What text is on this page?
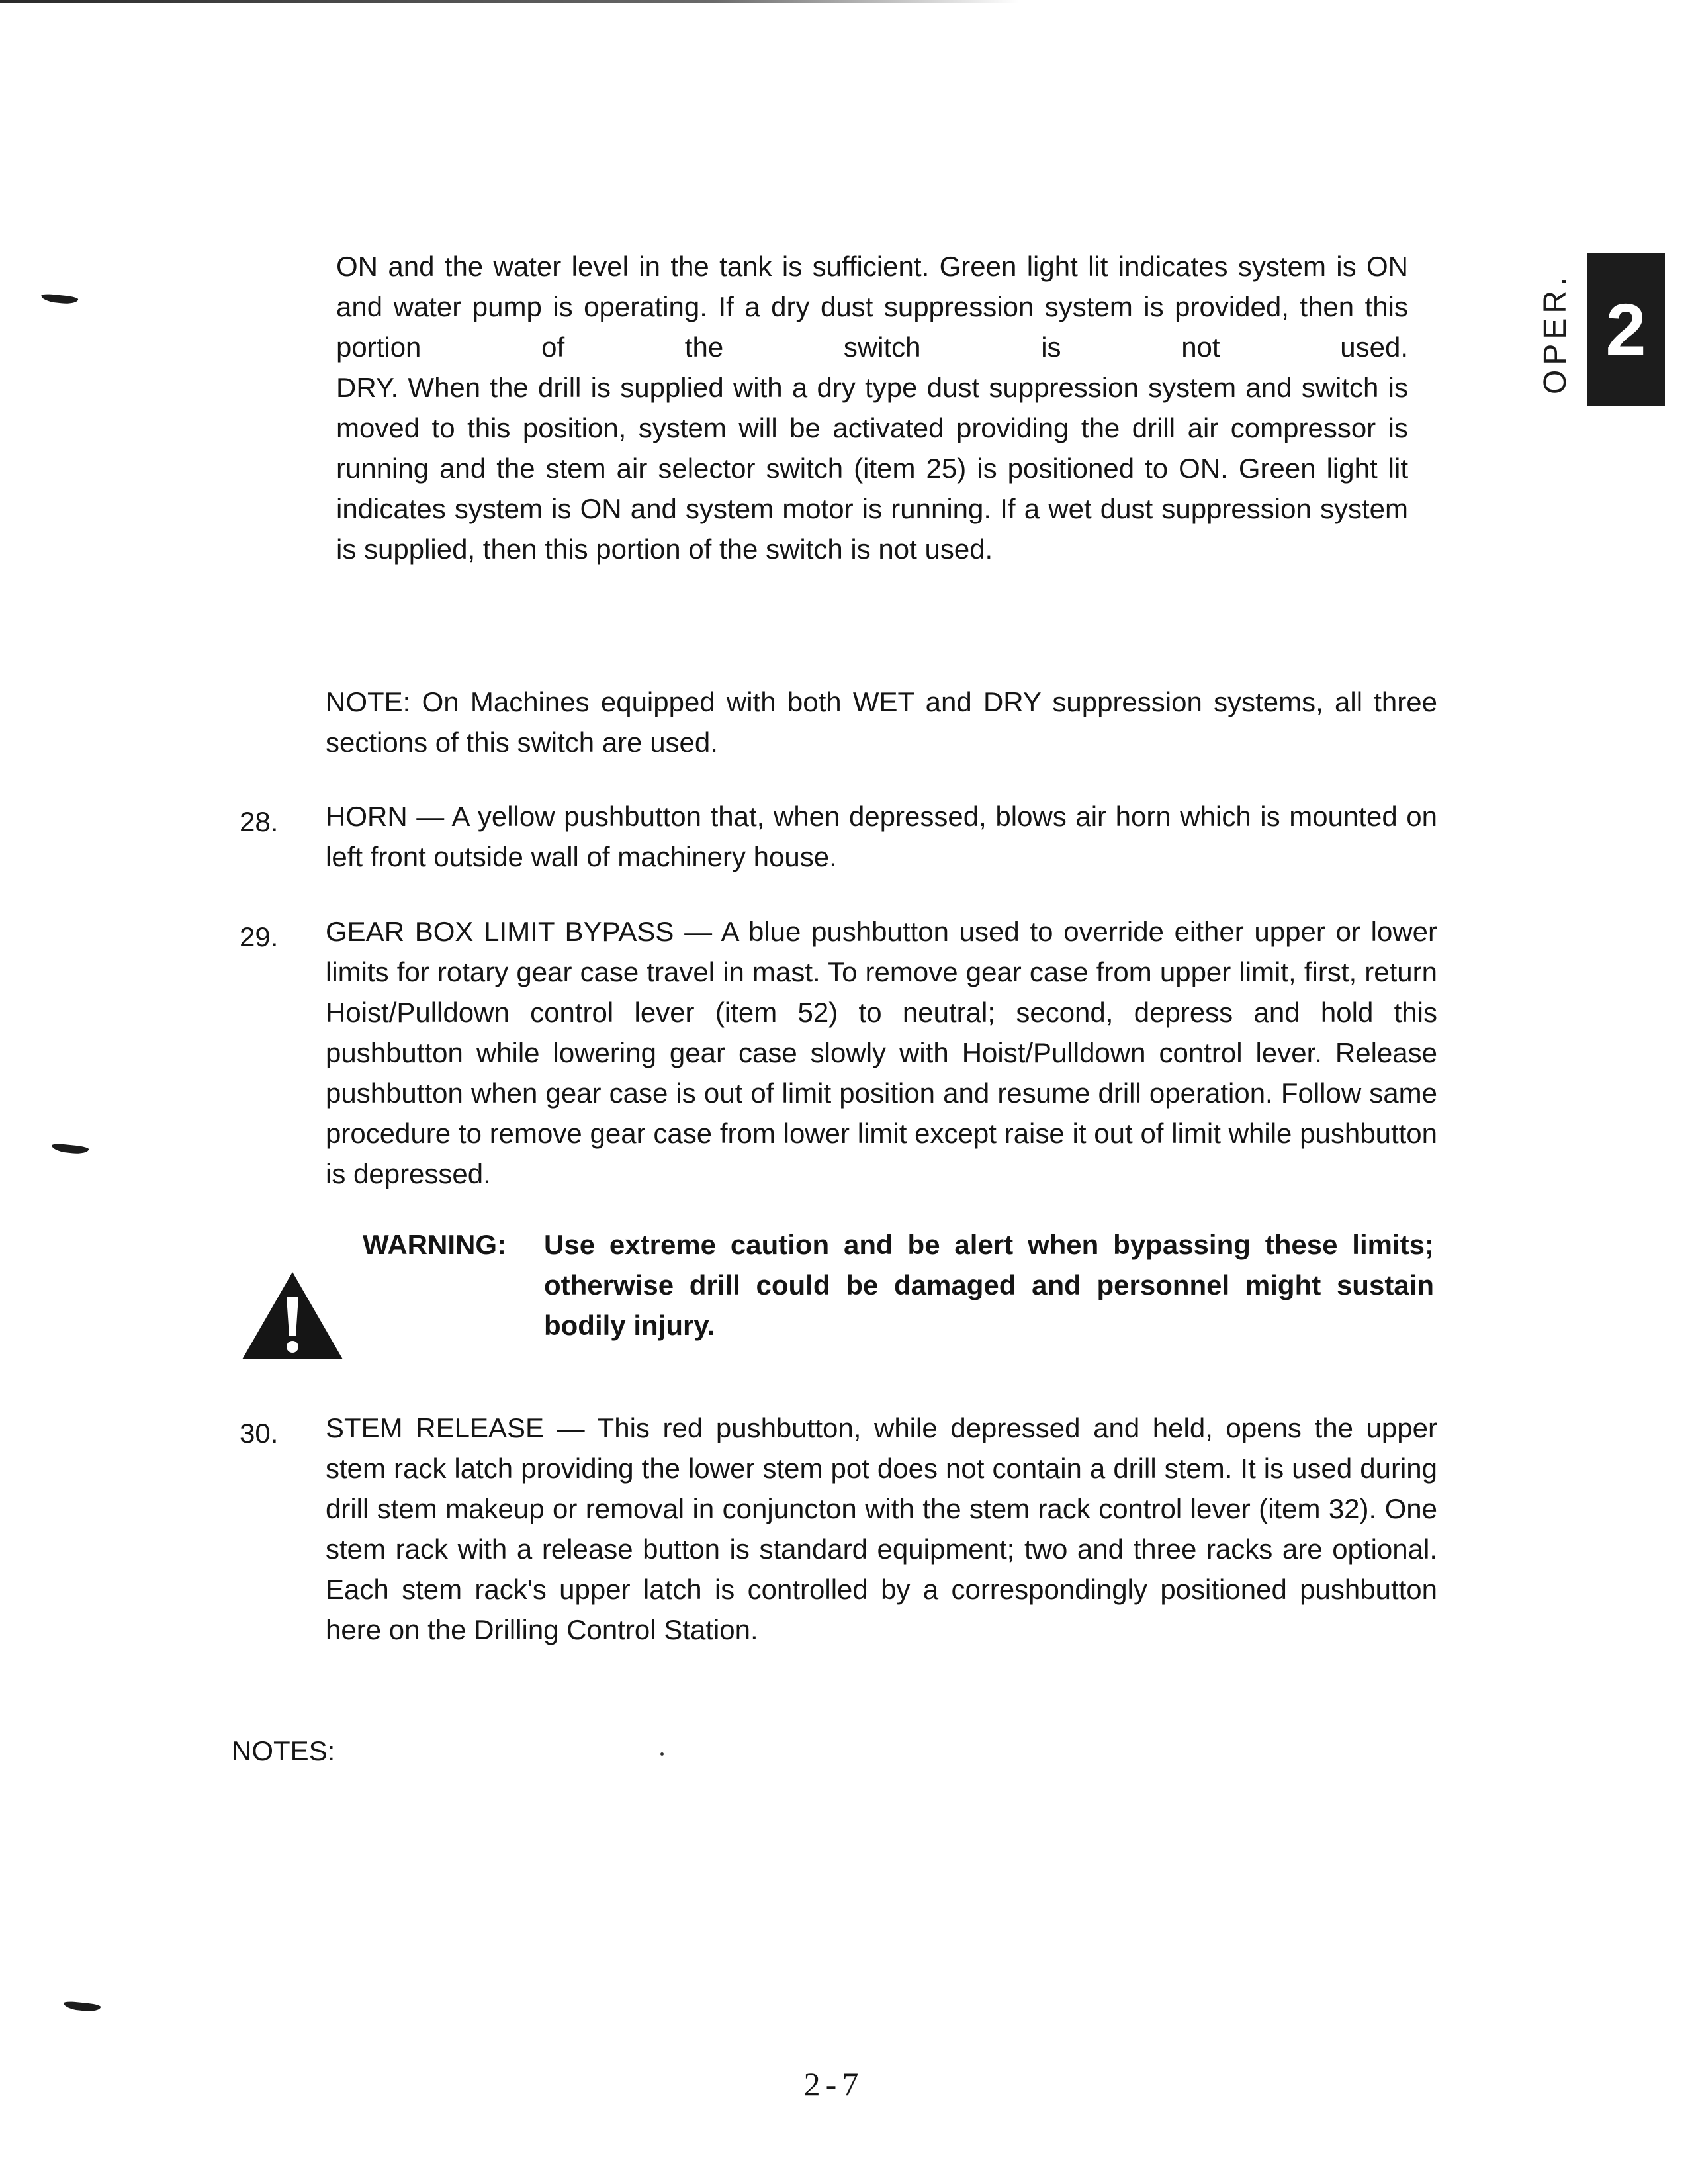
2
OPER.

ON and the water level in the tank is sufficient. Green light lit indicates system is ON and water pump is operating. If a dry dust suppression system is provided, then this portion of the switch is not used.

DRY. When the drill is supplied with a dry type dust suppression system and switch is moved to this position, system will be activated providing the drill air compressor is running and the stem air selector switch (item 25) is positioned to ON. Green light lit indicates system is ON and system motor is running. If a wet dust suppression system is supplied, then this portion of the switch is not used.

NOTE: On Machines equipped with both WET and DRY suppression systems, all three sections of this switch are used.

28. HORN — A yellow pushbutton that, when depressed, blows air horn which is mounted on left front outside wall of machinery house.

29. GEAR BOX LIMIT BYPASS — A blue pushbutton used to override either upper or lower limits for rotary gear case travel in mast. To remove gear case from upper limit, first, return Hoist/Pulldown control lever (item 52) to neutral; second, depress and hold this pushbutton while lowering gear case slowly with Hoist/Pulldown control lever. Release pushbutton when gear case is out of limit position and resume drill operation. Follow same procedure to remove gear case from lower limit except raise it out of limit while pushbutton is depressed.

WARNING: Use extreme caution and be alert when bypassing these limits; otherwise drill could be damaged and personnel might sustain bodily injury.

30. STEM RELEASE — This red pushbutton, while depressed and held, opens the upper stem rack latch providing the lower stem pot does not contain a drill stem. It is used during drill stem makeup or removal in conjuncton with the stem rack control lever (item 32). One stem rack with a release button is standard equipment; two and three racks are optional. Each stem rack's upper latch is controlled by a correspondingly positioned pushbutton here on the Drilling Control Station.

NOTES:

2-7
